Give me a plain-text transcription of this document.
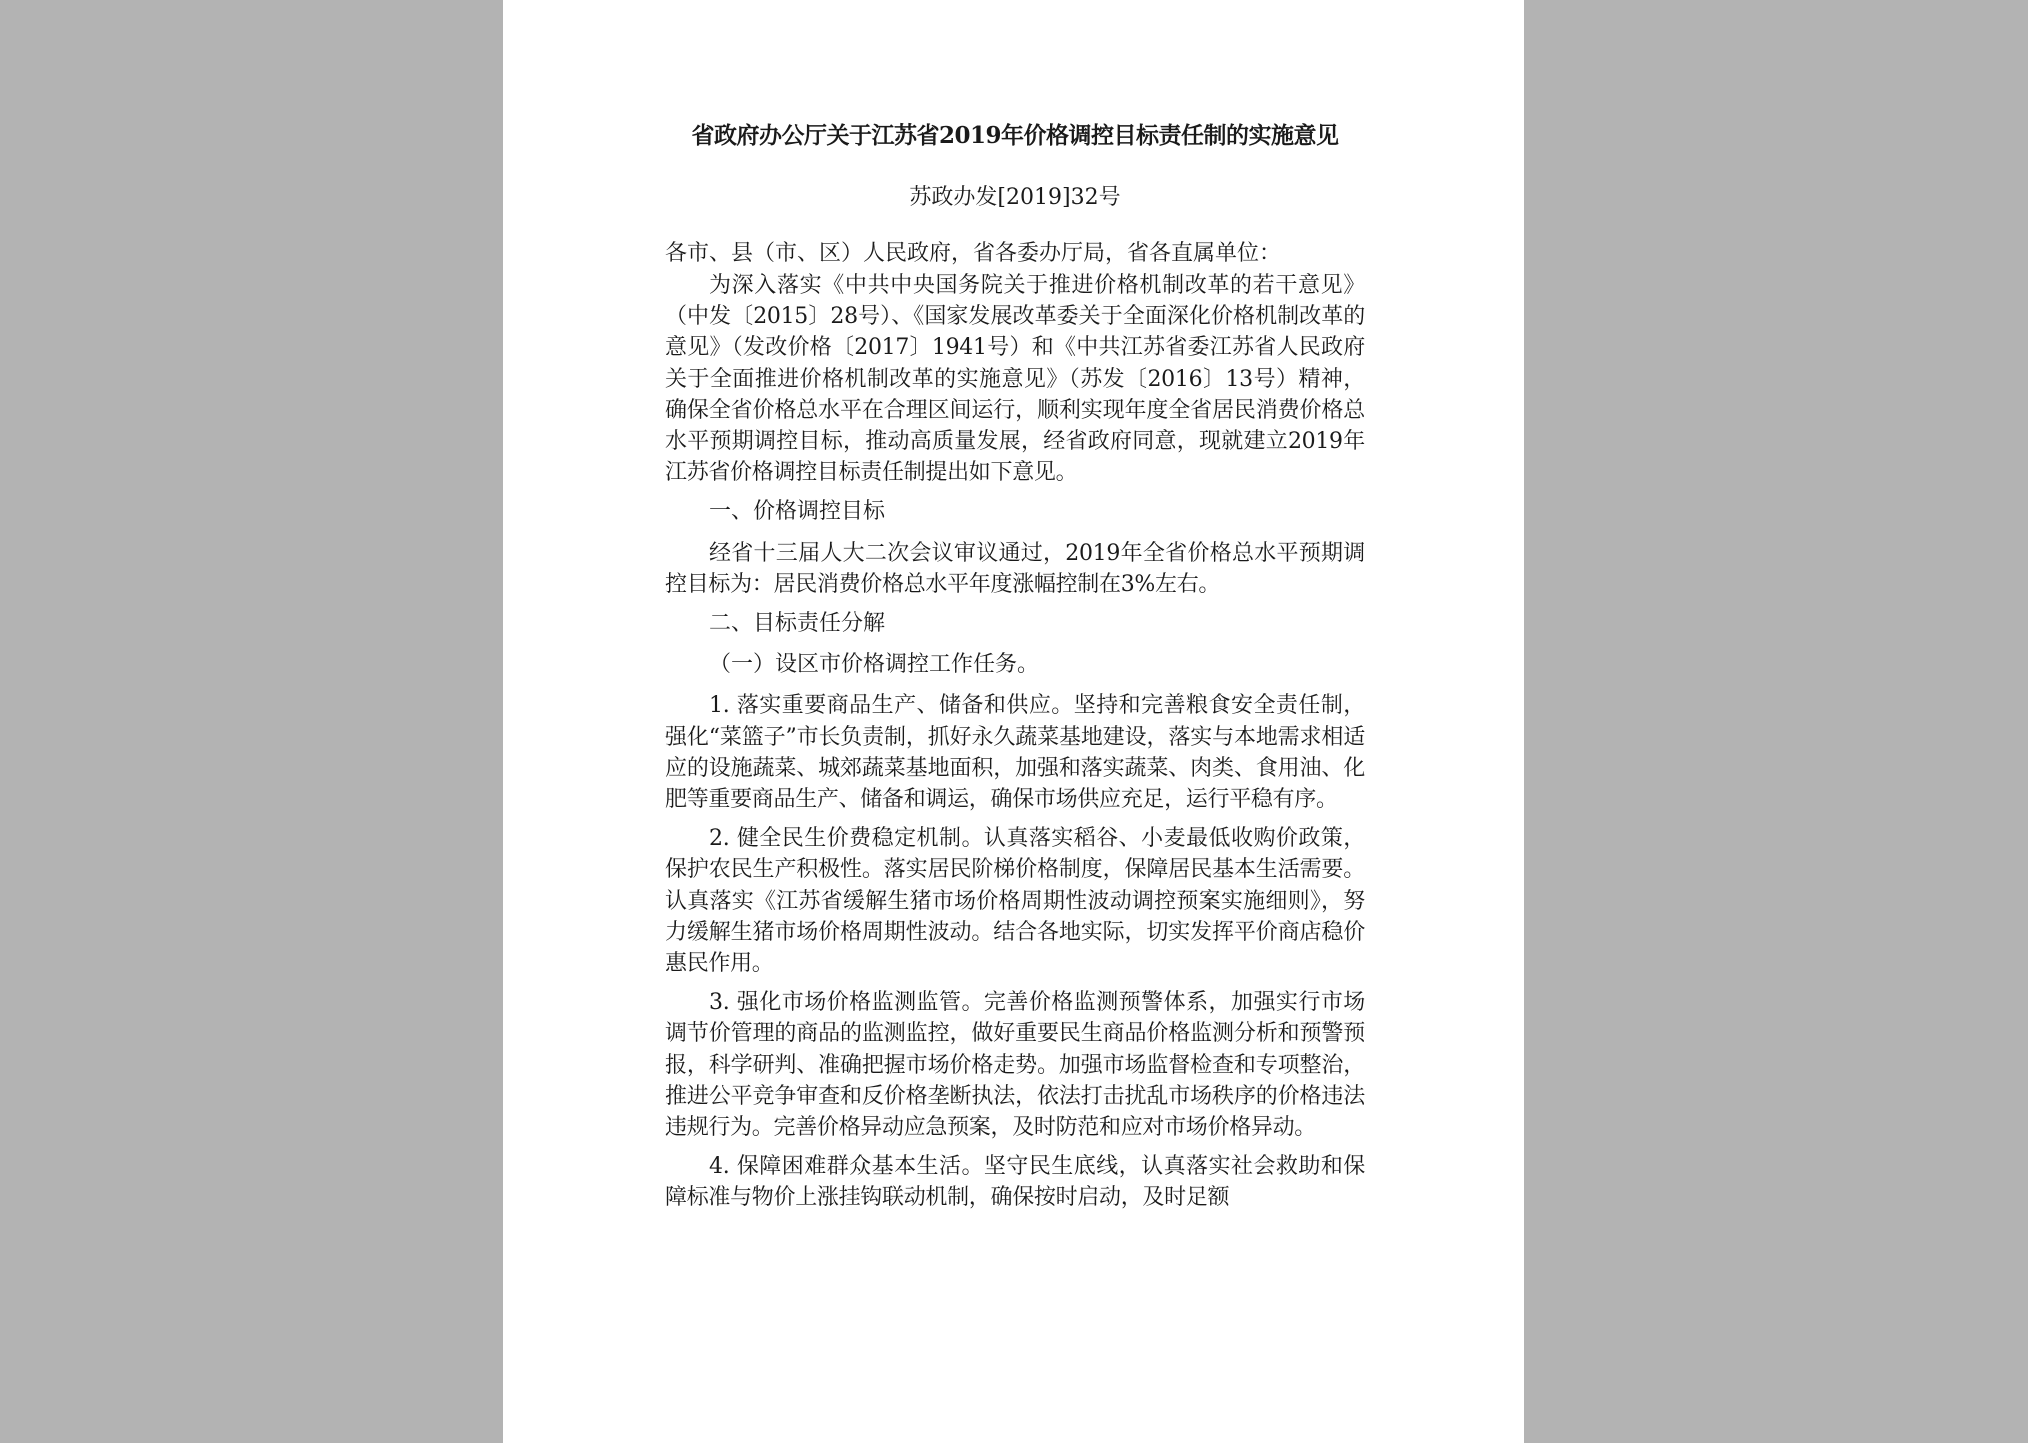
省政府办公厅关于江苏省2019年价格调控目标责任制的实施意见
苏政办发[2019]32号
各市、县（市、区）人民政府，省各委办厅局，省各直属单位：

为深入落实《中共中央国务院关于推进价格机制改革的若干意见》（中发〔2015〕28号）、《国家发展改革委关于全面深化价格机制改革的意见》（发改价格〔2017〕1941号）和《中共江苏省委江苏省人民政府关于全面推进价格机制改革的实施意见》（苏发〔2016〕13号）精神，确保全省价格总水平在合理区间运行，顺利实现年度全省居民消费价格总水平预期调控目标，推动高质量发展，经省政府同意，现就建立2019年江苏省价格调控目标责任制提出如下意见。

一、价格调控目标

经省十三届人大二次会议审议通过，2019年全省价格总水平预期调控目标为：居民消费价格总水平年度涨幅控制在3%左右。

二、目标责任分解

（一）设区市价格调控工作任务。

1. 落实重要商品生产、储备和供应。坚持和完善粮食安全责任制，强化“菜篮子”市长负责制，抓好永久蔬菜基地建设，落实与本地需求相适应的设施蔬菜、城郊蔬菜基地面积，加强和落实蔬菜、肉类、食用油、化肥等重要商品生产、储备和调运，确保市场供应充足，运行平稳有序。

2. 健全民生价费稳定机制。认真落实稻谷、小麦最低收购价政策，保护农民生产积极性。落实居民阶梯价格制度，保障居民基本生活需要。认真落实《江苏省缓解生猪市场价格周期性波动调控预案实施细则》，努力缓解生猪市场价格周期性波动。结合各地实际，切实发挥平价商店稳价惠民作用。

3. 强化市场价格监测监管。完善价格监测预警体系，加强实行市场调节价管理的商品的监测监控，做好重要民生商品价格监测分析和预警预报，科学研判、准确把握市场价格走势。加强市场监督检查和专项整治，推进公平竞争审查和反价格垄断执法，依法打击扰乱市场秩序的价格违法违规行为。完善价格异动应急预案，及时防范和应对市场价格异动。

4. 保障困难群众基本生活。坚守民生底线，认真落实社会救助和保障标准与物价上涨挂钩联动机制，确保按时启动，及时足额
